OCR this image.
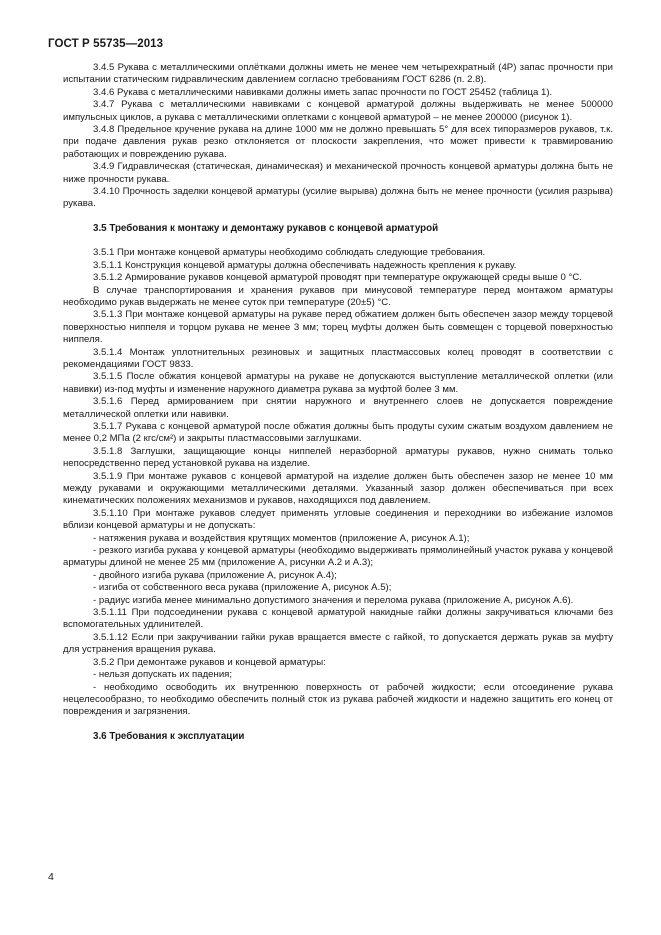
ГОСТ Р 55735—2013

3.4.5 Рукава с металлическими оплётками должны иметь не менее чем четырехкратный (4Р) запас прочности при испытании статическим гидравлическим давлением согласно требованиям ГОСТ 6286 (п. 2.8).

3.4.6 Рукава с металлическими навивками должны иметь запас прочности по ГОСТ 25452 (таблица 1).

3.4.7 Рукава с металлическими навивками с концевой арматурой должны выдерживать не менее 500000 импульсных циклов, а рукава с металлическими оплетками с концевой арматурой – не менее 200000 (рисунок 1).

3.4.8 Предельное кручение рукава на длине 1000 мм не должно превышать 5° для всех типоразмеров рукавов, т.к. при подаче давления рукав резко отклоняется от плоскости закрепления, что может привести к травмированию работающих и повреждению рукава.

3.4.9 Гидравлическая (статическая, динамическая) и механической прочность концевой арматуры должна быть не ниже прочности рукава.

3.4.10 Прочность заделки концевой арматуры (усилие вырыва) должна быть не менее прочности (усилия разрыва) рукава.

3.5 Требования к монтажу и демонтажу рукавов с концевой арматурой

3.5.1 При монтаже концевой арматуры необходимо соблюдать следующие требования.

3.5.1.1 Конструкция концевой арматуры должна обеспечивать надежность крепления к рукаву.

3.5.1.2 Армирование рукавов концевой арматурой проводят при температуре окружающей среды выше 0 °С.

В случае транспортирования и хранения рукавов при минусовой температуре перед монтажом арматуры необходимо рукав выдержать не менее суток при температуре (20±5) °С.

3.5.1.3 При монтаже концевой арматуры на рукаве перед обжатием должен быть обеспечен зазор между торцевой поверхностью ниппеля и торцом рукава не менее 3 мм; торец муфты должен быть совмещен с торцевой поверхностью ниппеля.

3.5.1.4 Монтаж уплотнительных резиновых и защитных пластмассовых колец проводят в соответствии с рекомендациями ГОСТ 9833.

3.5.1.5 После обжатия концевой арматуры на рукаве не допускаются выступление металлической оплетки (или навивки) из-под муфты и изменение наружного диаметра рукава за муфтой более 3 мм.

3.5.1.6 Перед армированием при снятии наружного и внутреннего слоев не допускается повреждение металлической оплетки или навивки.

3.5.1.7 Рукава с концевой арматурой после обжатия должны быть продуты сухим сжатым воздухом давлением не менее 0,2 МПа (2 кгс/см²) и закрыты пластмассовыми заглушками.

3.5.1.8 Заглушки, защищающие концы ниппелей неразборной арматуры рукавов, нужно снимать только непосредственно перед установкой рукава на изделие.

3.5.1.9 При монтаже рукавов с концевой арматурой на изделие должен быть обеспечен зазор не менее 10 мм между рукавами и окружающими металлическими деталями. Указанный зазор должен обеспечиваться при всех кинематических положениях механизмов и рукавов, находящихся под давлением.

3.5.1.10 При монтаже рукавов следует применять угловые соединения и переходники во избежание изломов вблизи концевой арматуры и не допускать:

- натяжения рукава и воздействия крутящих моментов (приложение А, рисунок А.1);

- резкого изгиба рукава у концевой арматуры (необходимо выдерживать прямолинейный участок рукава у концевой арматуры длиной не менее 25 мм (приложение А, рисунки А.2 и А.3);

- двойного изгиба рукава (приложение А, рисунок А.4);

- изгиба от собственного веса рукава (приложение А, рисунок А.5);

- радиус изгиба менее минимально допустимого значения и перелома рукава (приложение А, рисунок А.6).

3.5.1.11 При подсоединении рукава с концевой арматурой накидные гайки должны закручиваться ключами без вспомогательных удлинителей.

3.5.1.12 Если при закручивании гайки рукав вращается вместе с гайкой, то допускается держать рукав за муфту для устранения вращения рукава.

3.5.2 При демонтаже рукавов и концевой арматуры:

- нельзя допускать их падения;

- необходимо освободить их внутреннюю поверхность от рабочей жидкости; если отсоединение рукава нецелесообразно, то необходимо обеспечить полный сток из рукава рабочей жидкости и надежно защитить его конец от повреждения и загрязнения.

3.6 Требования к эксплуатации

4
